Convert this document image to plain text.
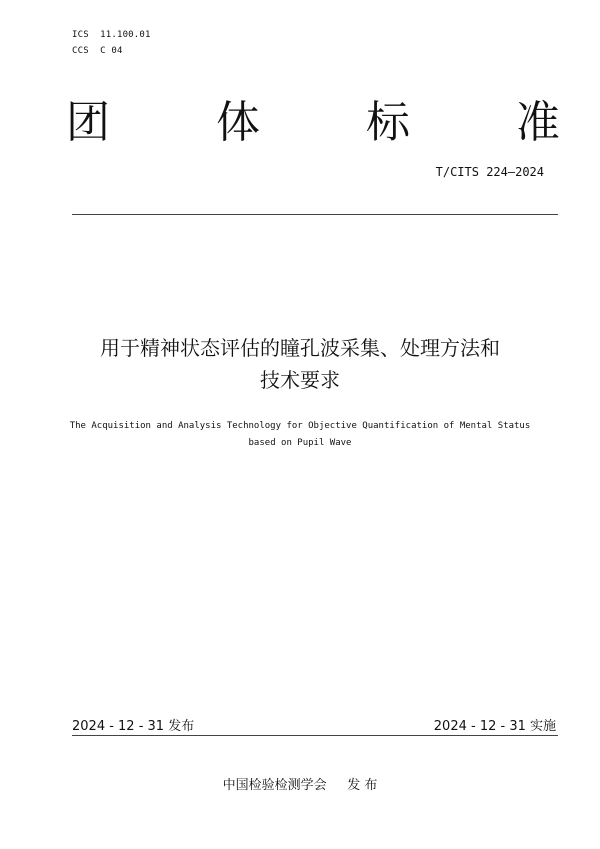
ICS  11.100.01
CCS  C 04
团 体 标 准
T/CITS 224—2024
用于精神状态评估的瞳孔波采集、处理方法和
技术要求
The Acquisition and Analysis Technology for Objective Quantification of Mental Status
based on Pupil Wave
2024 - 12 - 31 发布	2024 - 12 - 31 实施
中国检验检测学会 发 布
